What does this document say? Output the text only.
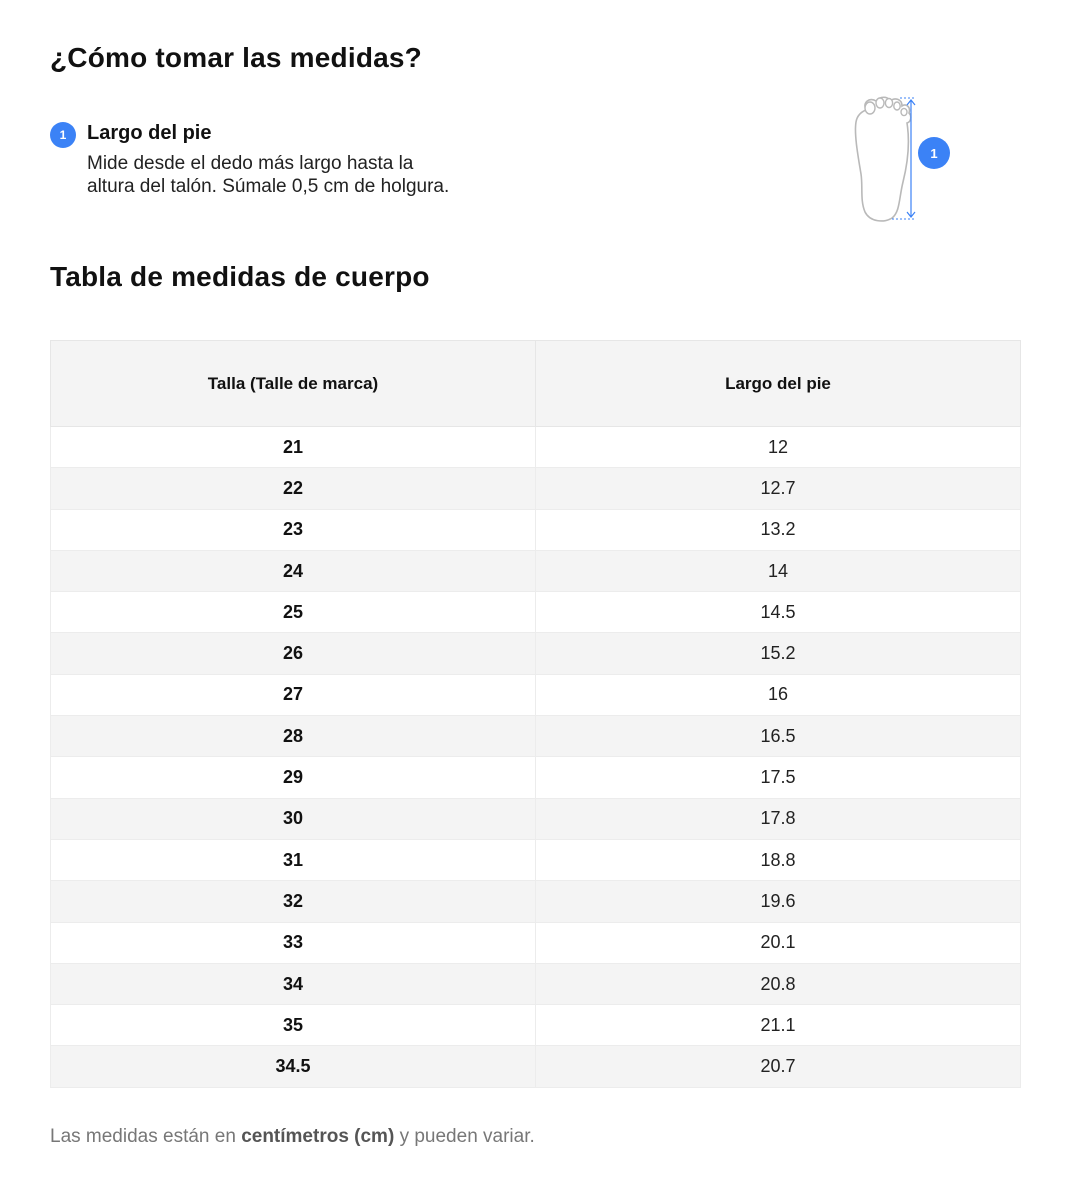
¿Cómo tomar las medidas?
1	Largo del pie
Mide desde el dedo más largo hasta la
altura del talón. Súmale 0,5 cm de holgura.
1
Tabla de medidas de cuerpo
Talla (Talle de marca)	Largo del pie
21	12
22	12.7
23	13.2
24	14
25	14.5
26	15.2
27	16
28	16.5
29	17.5
30	17.8
31	18.8
32	19.6
33	20.1
34	20.8
35	21.1
34.5	20.7

Las medidas están en centímetros (cm) y pueden variar.
